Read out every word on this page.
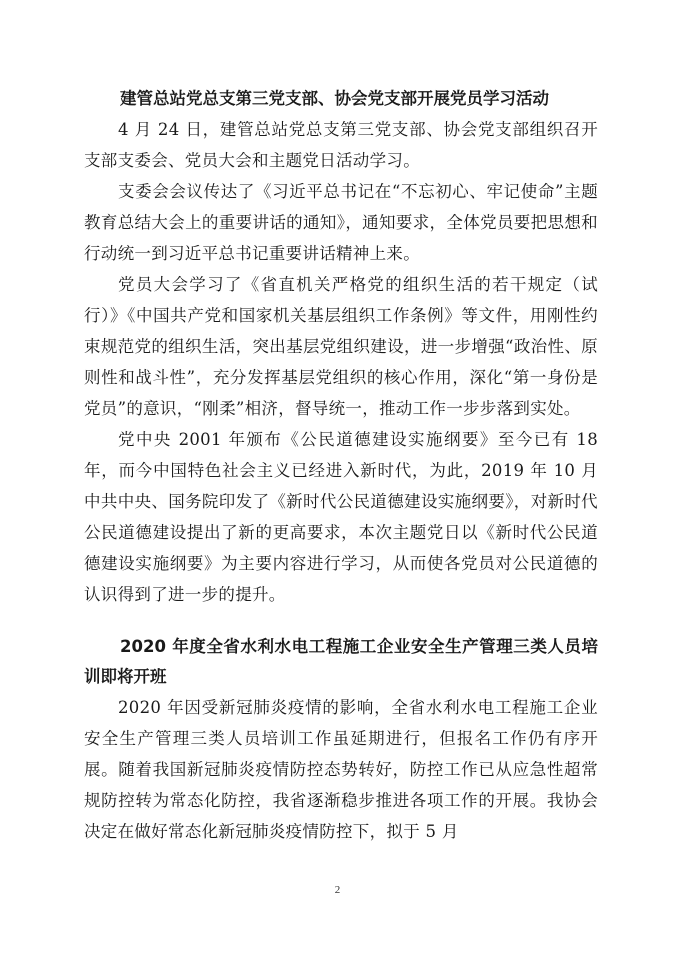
建管总站党总支第三党支部、协会党支部开展党员学习活动

4 月 24 日，建管总站党总支第三党支部、协会党支部组织召开支部支委会、党员大会和主题党日活动学习。

支委会会议传达了《习近平总书记在“不忘初心、牢记使命”主题教育总结大会上的重要讲话的通知》，通知要求，全体党员要把思想和行动统一到习近平总书记重要讲话精神上来。

党员大会学习了《省直机关严格党的组织生活的若干规定（试行）》《中国共产党和国家机关基层组织工作条例》等文件，用刚性约束规范党的组织生活，突出基层党组织建设，进一步增强“政治性、原则性和战斗性”，充分发挥基层党组织的核心作用，深化“第一身份是党员”的意识，“刚柔”相济，督导统一，推动工作一步步落到实处。

党中央 2001 年颁布《公民道德建设实施纲要》至今已有 18 年，而今中国特色社会主义已经进入新时代，为此，2019 年 10 月中共中央、国务院印发了《新时代公民道德建设实施纲要》，对新时代公民道德建设提出了新的更高要求，本次主题党日以《新时代公民道德建设实施纲要》为主要内容进行学习，从而使各党员对公民道德的认识得到了进一步的提升。

2020 年度全省水利水电工程施工企业安全生产管理三类人员培训即将开班

2020 年因受新冠肺炎疫情的影响，全省水利水电工程施工企业安全生产管理三类人员培训工作虽延期进行，但报名工作仍有序开展。随着我国新冠肺炎疫情防控态势转好，防控工作已从应急性超常规防控转为常态化防控，我省逐渐稳步推进各项工作的开展。我协会决定在做好常态化新冠肺炎疫情防控下，拟于 5 月

2
